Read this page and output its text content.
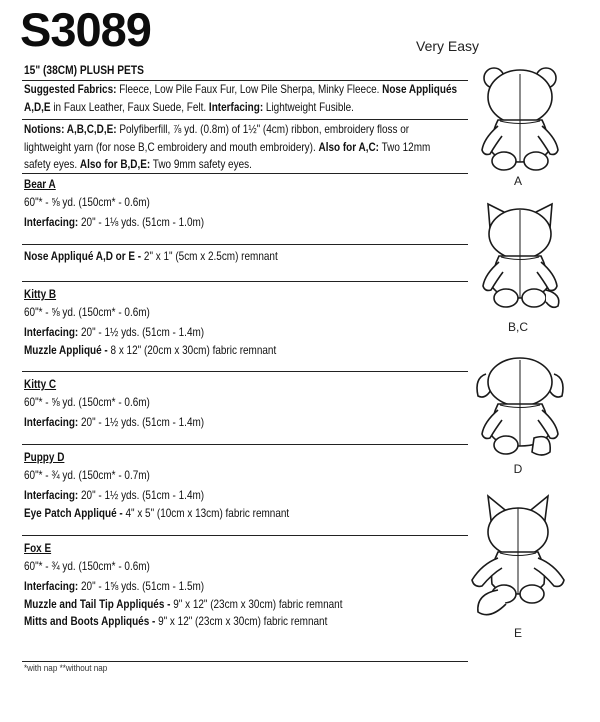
S3089	Very Easy
15" (38CM) PLUSH PETS
Suggested Fabrics: Fleece, Low Pile Faux Fur, Low Pile Sherpa, Minky Fleece. Nose Appliqués
A,D,E in Faux Leather, Faux Suede, Felt. Interfacing: Lightweight Fusible.
Notions: A,B,C,D,E: Polyfiberfill, ⅞ yd. (0.8m) of 1½" (4cm) ribbon, embroidery floss or
lightweight yarn (for nose B,C embroidery and mouth embroidery). Also for A,C: Two 12mm
safety eyes. Also for B,D,E: Two 9mm safety eyes.
Bear A
60"* - ⅝ yd. (150cm* - 0.6m)
Interfacing: 20" - 1⅛ yds. (51cm - 1.0m)
Nose Appliqué A,D or E - 2" x 1" (5cm x 2.5cm) remnant
Kitty B
60"* - ⅝ yd. (150cm* - 0.6m)
Interfacing: 20" - 1½ yds. (51cm - 1.4m)
Muzzle Appliqué - 8 x 12" (20cm x 30cm) fabric remnant
Kitty C
60"* - ⅝ yd. (150cm* - 0.6m)
Interfacing: 20" - 1½ yds. (51cm - 1.4m)
Puppy D
60"* - ¾ yd. (150cm* - 0.7m)
Interfacing: 20" - 1½ yds. (51cm - 1.4m)
Eye Patch Appliqué - 4" x 5" (10cm x 13cm) fabric remnant
Fox E
60"* - ¾ yd. (150cm* - 0.6m)
Interfacing: 20" - 1⅝ yds. (51cm - 1.5m)
Muzzle and Tail Tip Appliqués - 9" x 12" (23cm x 30cm) fabric remnant
Mitts and Boots Appliqués - 9" x 12" (23cm x 30cm) fabric remnant
*with nap **without nap
A
B,C
D
E
